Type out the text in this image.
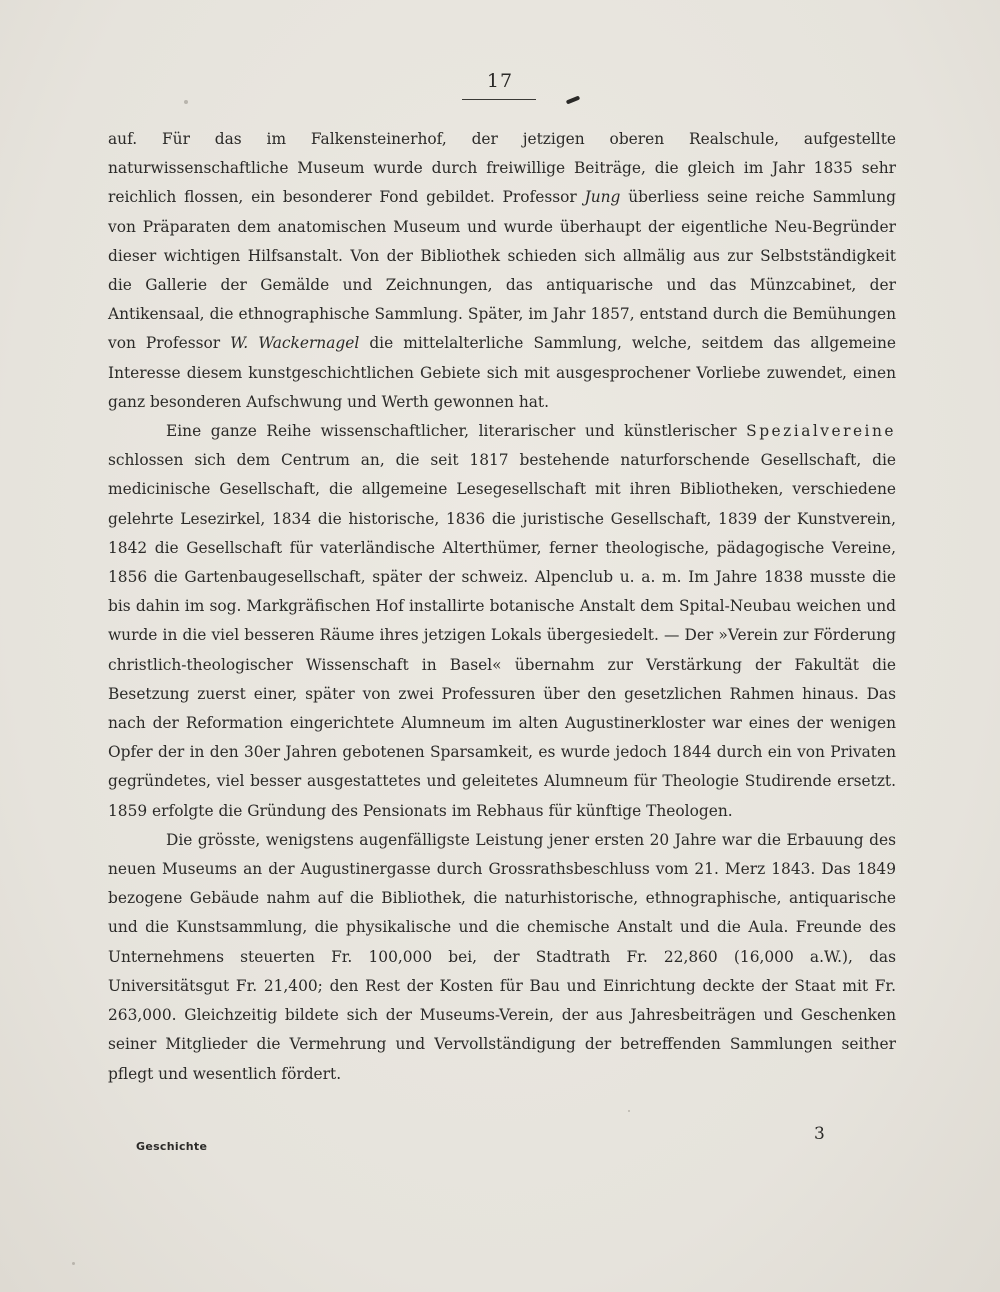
17

auf. Für das im Falkensteinerhof, der jetzigen oberen Realschule, aufgestellte naturwissenschaftliche Museum wurde durch freiwillige Beiträge, die gleich im Jahr 1835 sehr reichlich flossen, ein besonderer Fond gebildet. Professor Jung überliess seine reiche Sammlung von Präparaten dem anatomischen Museum und wurde überhaupt der eigentliche Neu-Begründer dieser wichtigen Hilfsanstalt. Von der Bibliothek schieden sich allmälig aus zur Selbstständigkeit die Gallerie der Gemälde und Zeichnungen, das antiquarische und das Münzcabinet, der Antikensaal, die ethnographische Sammlung. Später, im Jahr 1857, entstand durch die Bemühungen von Professor W. Wackernagel die mittelalterliche Sammlung, welche, seitdem das allgemeine Interesse diesem kunstgeschichtlichen Gebiete sich mit ausgesprochener Vorliebe zuwendet, einen ganz besonderen Aufschwung und Werth gewonnen hat.

Eine ganze Reihe wissenschaftlicher, literarischer und künstlerischer Spezialvereine schlossen sich dem Centrum an, die seit 1817 bestehende naturforschende Gesellschaft, die medicinische Gesellschaft, die allgemeine Lesegesellschaft mit ihren Bibliotheken, verschiedene gelehrte Lesezirkel, 1834 die historische, 1836 die juristische Gesellschaft, 1839 der Kunstverein, 1842 die Gesellschaft für vaterländische Alterthümer, ferner theologische, pädagogische Vereine, 1856 die Gartenbaugesellschaft, später der schweiz. Alpenclub u. a. m. Im Jahre 1838 musste die bis dahin im sog. Markgräfischen Hof installirte botanische Anstalt dem Spital-Neubau weichen und wurde in die viel besseren Räume ihres jetzigen Lokals übergesiedelt. — Der »Verein zur Förderung christlich-theologischer Wissenschaft in Basel« übernahm zur Verstärkung der Fakultät die Besetzung zuerst einer, später von zwei Professuren über den gesetzlichen Rahmen hinaus. Das nach der Reformation eingerichtete Alumneum im alten Augustinerkloster war eines der wenigen Opfer der in den 30er Jahren gebotenen Sparsamkeit, es wurde jedoch 1844 durch ein von Privaten gegründetes, viel besser ausgestattetes und geleitetes Alumneum für Theologie Studirende ersetzt. 1859 erfolgte die Gründung des Pensionats im Rebhaus für künftige Theologen.

Die grösste, wenigstens augenfälligste Leistung jener ersten 20 Jahre war die Erbauung des neuen Museums an der Augustinergasse durch Grossrathsbeschluss vom 21. Merz 1843. Das 1849 bezogene Gebäude nahm auf die Bibliothek, die naturhistorische, ethnographische, antiquarische und die Kunstsammlung, die physikalische und die chemische Anstalt und die Aula. Freunde des Unternehmens steuerten Fr. 100,000 bei, der Stadtrath Fr. 22,860 (16,000 a.W.), das Universitätsgut Fr. 21,400; den Rest der Kosten für Bau und Einrichtung deckte der Staat mit Fr. 263,000. Gleichzeitig bildete sich der Museums-Verein, der aus Jahresbeiträgen und Geschenken seiner Mitglieder die Vermehrung und Vervollständigung der betreffenden Sammlungen seither pflegt und wesentlich fördert.

3
Geschichte
